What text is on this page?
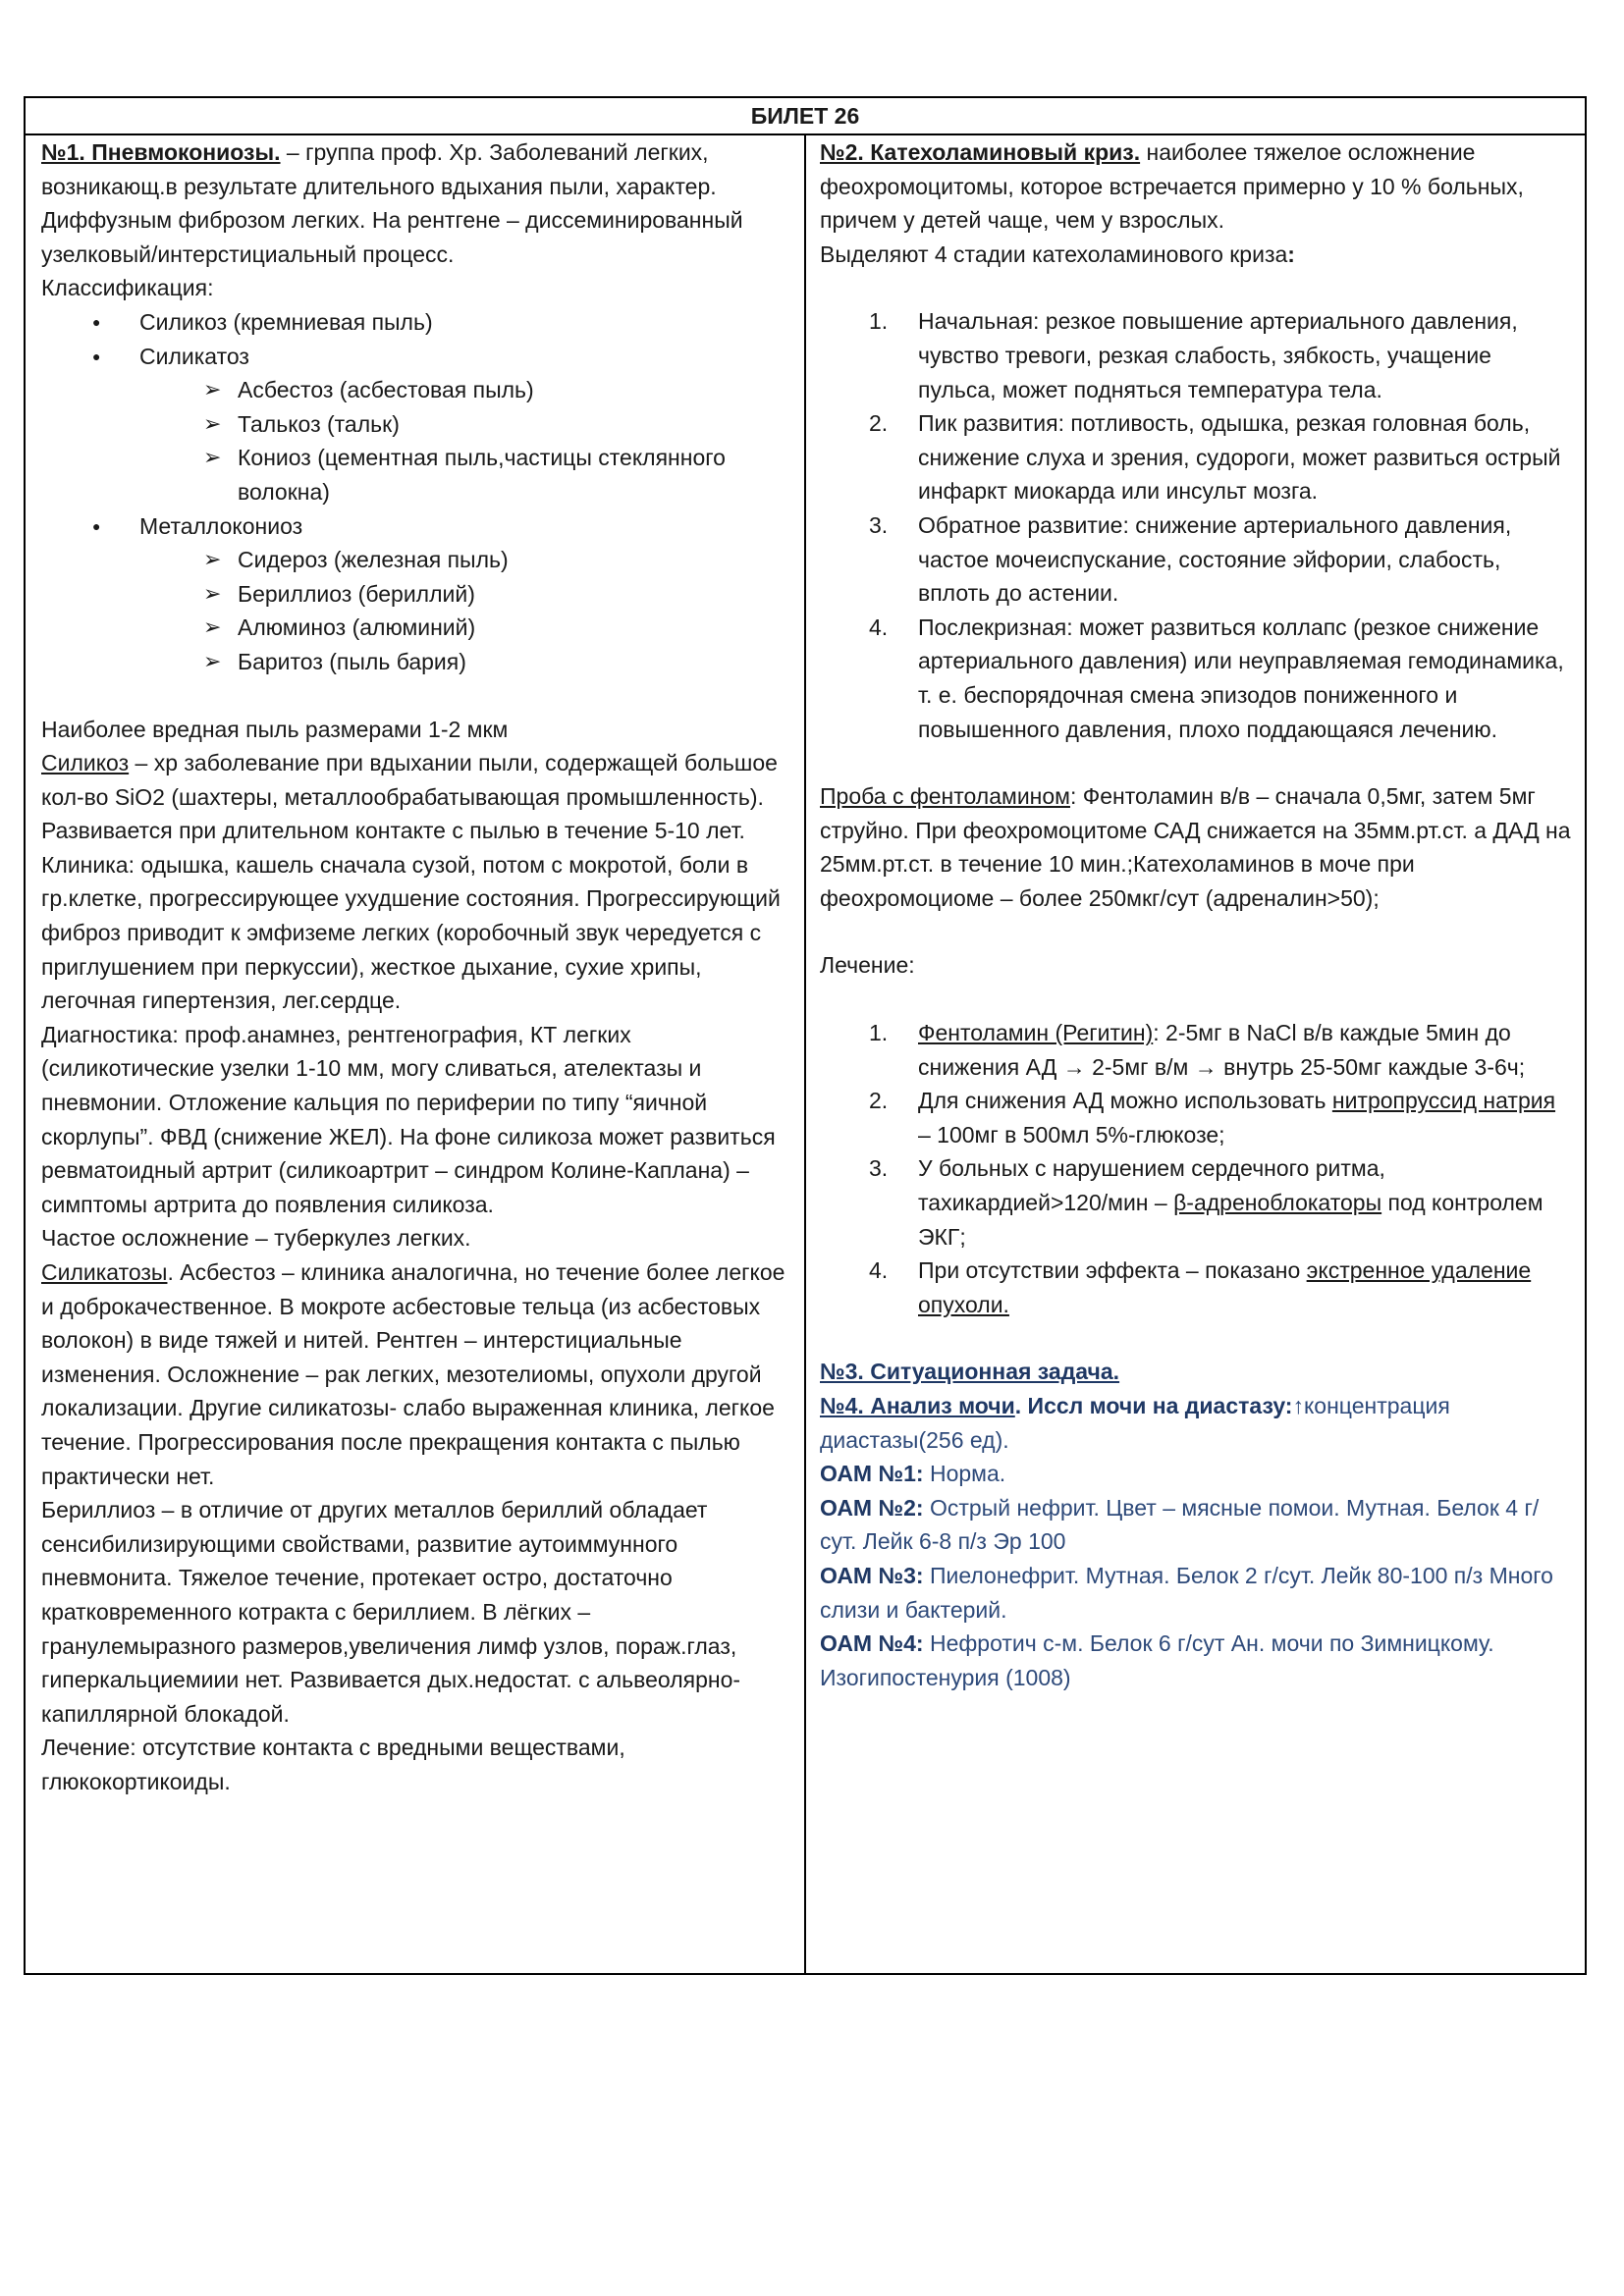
БИЛЕТ 26

№1. Пневмокониозы. – группа проф. Хр. Заболеваний легких, возникающ.в результате длительного вдыхания пыли, характер. Диффузным фиброзом легких. На рентгене – диссеминированный узелковый/интерстициальный процесс.

Классификация:

● Силикоз (кремниевая пыль)
● Силикатоз
➢ Асбестоз (асбестовая пыль)
➢ Талькоз (тальк)
➢ Кониоз (цементная пыль,частицы стеклянного волокна)
● Металлокониоз
➢ Сидероз (железная пыль)
➢ Бериллиоз (бериллий)
➢ Алюминоз (алюминий)
➢ Баритоз (пыль бария)

Наиболее вредная пыль размерами 1-2 мкм

Силикоз – хр заболевание при вдыхании пыли, содержащей большое кол-во SiO2 (шахтеры, металлообрабатывающая промышленность). Развивается при длительном контакте с пылью в течение 5-10 лет.

Клиника: одышка, кашель сначала сузой, потом с мокротой, боли в гр.клетке, прогрессирующее ухудшение состояния. Прогрессирующий фиброз приводит к эмфиземе легких (коробочный звук чередуется с приглушением при перкуссии), жесткое дыхание, сухие хрипы, легочная гипертензия, лег.сердце.

Диагностика: проф.анамнез, рентгенография, КТ легких (силикотические узелки 1-10 мм, могу сливаться, ателектазы и пневмонии. Отложение кальция по периферии по типу “яичной скорлупы”. ФВД (снижение ЖЕЛ). На фоне силикоза может развиться ревматоидный артрит (силикоартрит – синдром Колине-Каплана) – симптомы артрита до появления силикоза.

Частое осложнение – туберкулез легких.

Силикатозы. Асбестоз – клиника аналогична, но течение более легкое и доброкачественное. В мокроте асбестовые тельца (из асбестовых волокон) в виде тяжей и нитей. Рентген – интерстициальные изменения. Осложнение – рак легких, мезотелиомы, опухоли другой локализации. Другие силикатозы- слабо выраженная клиника, легкое течение. Прогрессирования после прекращения контакта с пылью практически нет.

Бериллиоз – в отличие от других металлов бериллий обладает сенсибилизирующими свойствами, развитие аутоиммунного пневмонита. Тяжелое течение, протекает остро, достаточно кратковременного котракта с бериллием. В лёгких – гранулемыразного размеров,увеличения лимф узлов, пораж.глаз, гиперкальциемиии нет. Развивается дых.недостат. с альвеолярно-капиллярной блокадой.

Лечение: отсутствие контакта с вредными веществами, глюкокортикоиды.

№2. Катехоламиновый криз. наиболее тяжелое осложнение феохромоцитомы, которое встречается примерно у 10 % больных, причем у детей чаще, чем у взрослых.

Выделяют 4 стадии катехоламинового криза:

1. Начальная: резкое повышение артериального давления, чувство тревоги, резкая слабость, зябкость, учащение пульса, может подняться температура тела.
2. Пик развития: потливость, одышка, резкая головная боль, снижение слуха и зрения, судороги, может развиться острый инфаркт миокарда или инсульт мозга.
3. Обратное развитие: снижение артериального давления, частое мочеиспускание, состояние эйфории, слабость, вплоть до астении.
4. Послекризная: может развиться коллапс (резкое снижение артериального давления) или неуправляемая гемодинамика, т. е. беспорядочная смена эпизодов пониженного и повышенного давления, плохо поддающаяся лечению.

Проба с фентоламином: Фентоламин в/в – сначала 0,5мг, затем 5мг струйно. При феохромоцитоме САД снижается на 35мм.рт.ст. а ДАД на 25мм.рт.ст. в течение 10 мин.;Катехоламинов в моче при феохромоциоме – более 250мкг/сут (адреналин>50);

Лечение:

1. Фентоламин (Регитин): 2-5мг в NaCl в/в каждые 5мин до снижения АД → 2-5мг в/м → внутрь 25-50мг каждые 3-6ч;
2. Для снижения АД можно использовать нитропруссид натрия – 100мг в 500мл 5%-глюкозе;
3. У больных с нарушением сердечного ритма, тахикардией>120/мин – β-адреноблокаторы под контролем ЭКГ;
4. При отсутствии эффекта – показано экстренное удаление опухоли.

№3. Ситуационная задача.

№4. Анализ мочи. Иссл мочи на диастазу:↑концентрация диастазы(256 ед).

ОАМ №1: Норма.

ОАМ №2: Острый нефрит. Цвет – мясные помои. Мутная. Белок 4 г/сут. Лейк 6-8 п/з Эр 100

ОАМ №3: Пиелонефрит. Мутная. Белок 2 г/сут. Лейк 80-100 п/з Много слизи и бактерий.

ОАМ №4: Нефротич с-м. Белок 6 г/сут Ан. мочи по Зимницкому. Изогипостенурия (1008)
